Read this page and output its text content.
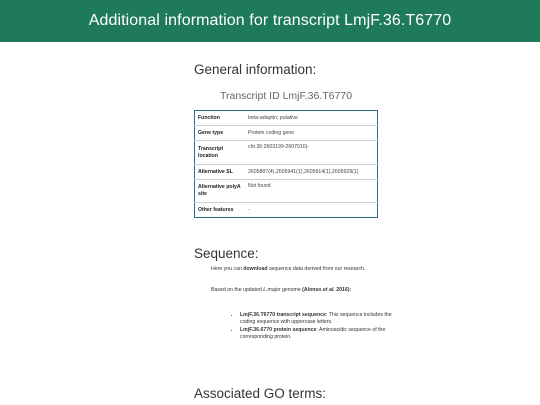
Additional information for transcript LmjF.36.T6770
General information:
Transcript ID LmjF.36.T6770
Function	beta-adaptin; putative
Gene type	Protein coding gene
Transcript location	chr.36:2603199-2607010|-
Alternative SL	2605887(4),2605941(1),2605914(1),2605929(1)
Alternative polyA site	Not found
Other features	-
Sequence:
Here you can download sequence data derived from our research.
Based on the updated L.major genome (Alonso et al. 2016):
• LmjF.36.T6770 transcript sequence: This sequence includes the coding sequence with uppercase letters.
• LmjF.36.6770 protein sequence: Aminoacidic sequence of the corresponding protein.
Associated GO terms:
